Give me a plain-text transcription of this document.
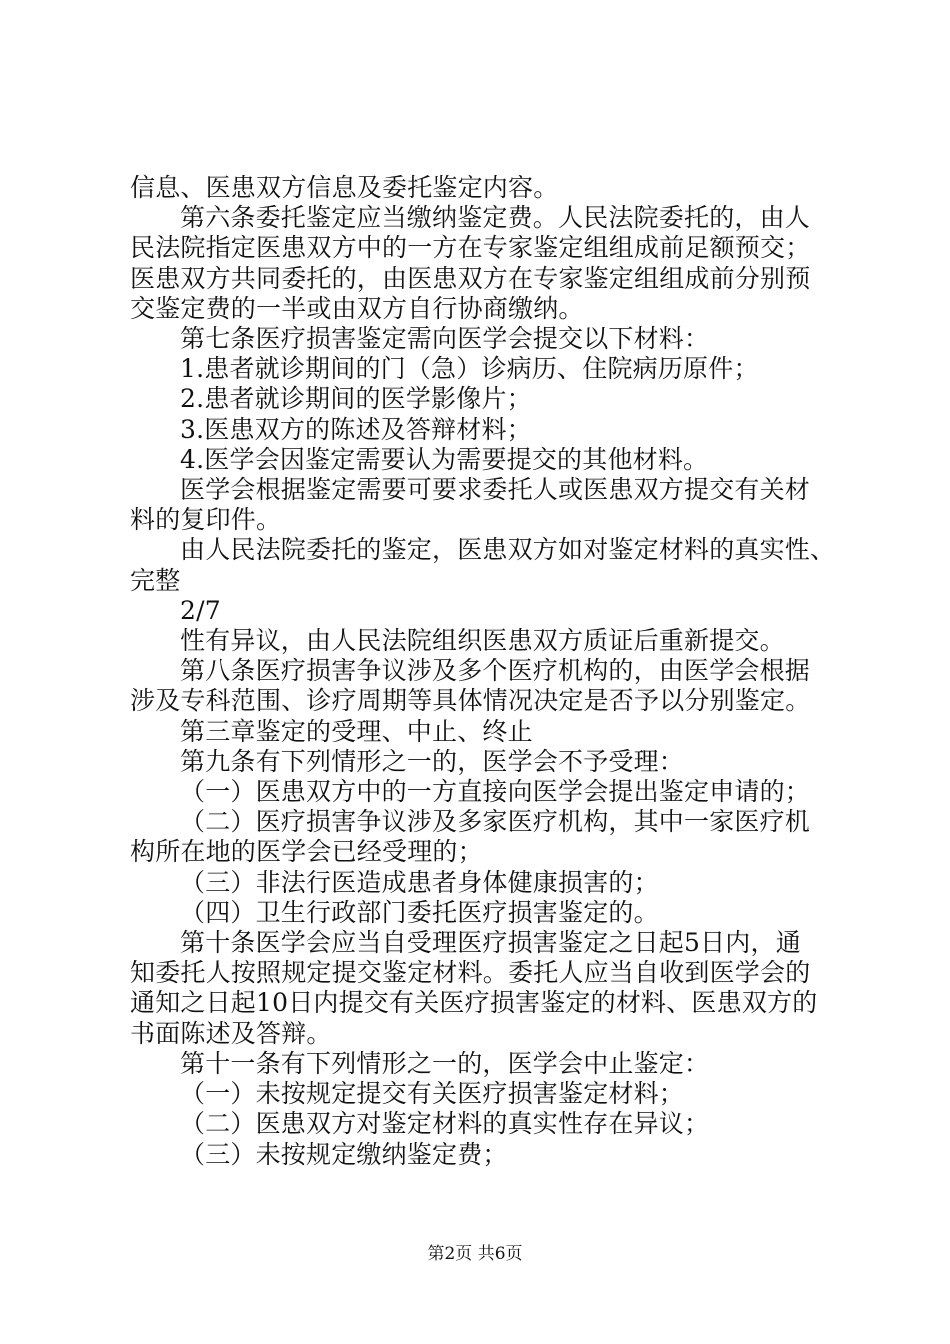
信息、医患双方信息及委托鉴定内容。
第六条委托鉴定应当缴纳鉴定费。人民法院委托的，由人
民法院指定医患双方中的一方在专家鉴定组组成前足额预交；
医患双方共同委托的，由医患双方在专家鉴定组组成前分别预
交鉴定费的一半或由双方自行协商缴纳。
第七条医疗损害鉴定需向医学会提交以下材料：
1.患者就诊期间的门（急）诊病历、住院病历原件；
2.患者就诊期间的医学影像片；
3.医患双方的陈述及答辩材料；
4.医学会因鉴定需要认为需要提交的其他材料。
医学会根据鉴定需要可要求委托人或医患双方提交有关材
料的复印件。
由人民法院委托的鉴定，医患双方如对鉴定材料的真实性、
完整
2/7
性有异议，由人民法院组织医患双方质证后重新提交。
第八条医疗损害争议涉及多个医疗机构的，由医学会根据
涉及专科范围、诊疗周期等具体情况决定是否予以分别鉴定。
第三章鉴定的受理、中止、终止
第九条有下列情形之一的，医学会不予受理：
（一）医患双方中的一方直接向医学会提出鉴定申请的；
（二）医疗损害争议涉及多家医疗机构，其中一家医疗机
构所在地的医学会已经受理的；
（三）非法行医造成患者身体健康损害的；
（四）卫生行政部门委托医疗损害鉴定的。
第十条医学会应当自受理医疗损害鉴定之日起5日内，通
知委托人按照规定提交鉴定材料。委托人应当自收到医学会的
通知之日起10日内提交有关医疗损害鉴定的材料、医患双方的
书面陈述及答辩。
第十一条有下列情形之一的，医学会中止鉴定：
（一）未按规定提交有关医疗损害鉴定材料；
（二）医患双方对鉴定材料的真实性存在异议；
（三）未按规定缴纳鉴定费；
第2页 共6页
